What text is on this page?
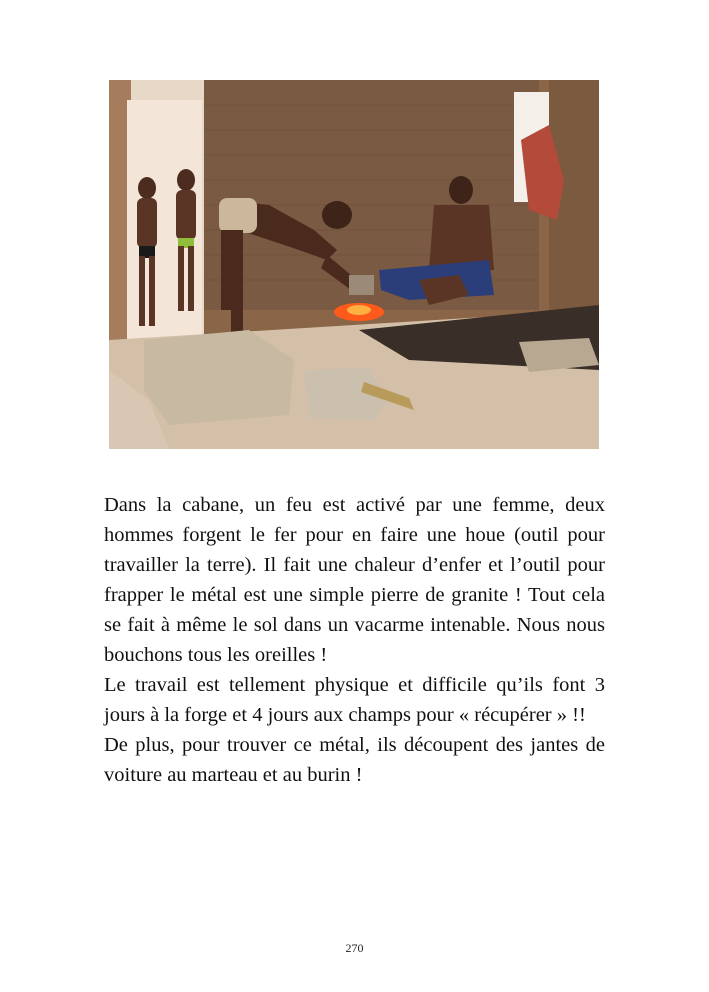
Dans la cabane, un feu est activé par une femme, deux hommes forgent le fer pour en faire une houe (outil pour travailler la terre). Il fait une chaleur d’enfer et l’outil pour frapper le métal est une simple pierre de granite ! Tout cela se fait à même le sol dans un vacarme intenable. Nous nous bouchons tous les oreilles !

Le travail est tellement physique et difficile qu’ils font 3 jours à la forge et 4 jours aux champs pour « récupérer » !!

De plus, pour trouver ce métal, ils découpent des jantes de voiture au marteau et au burin !

270
